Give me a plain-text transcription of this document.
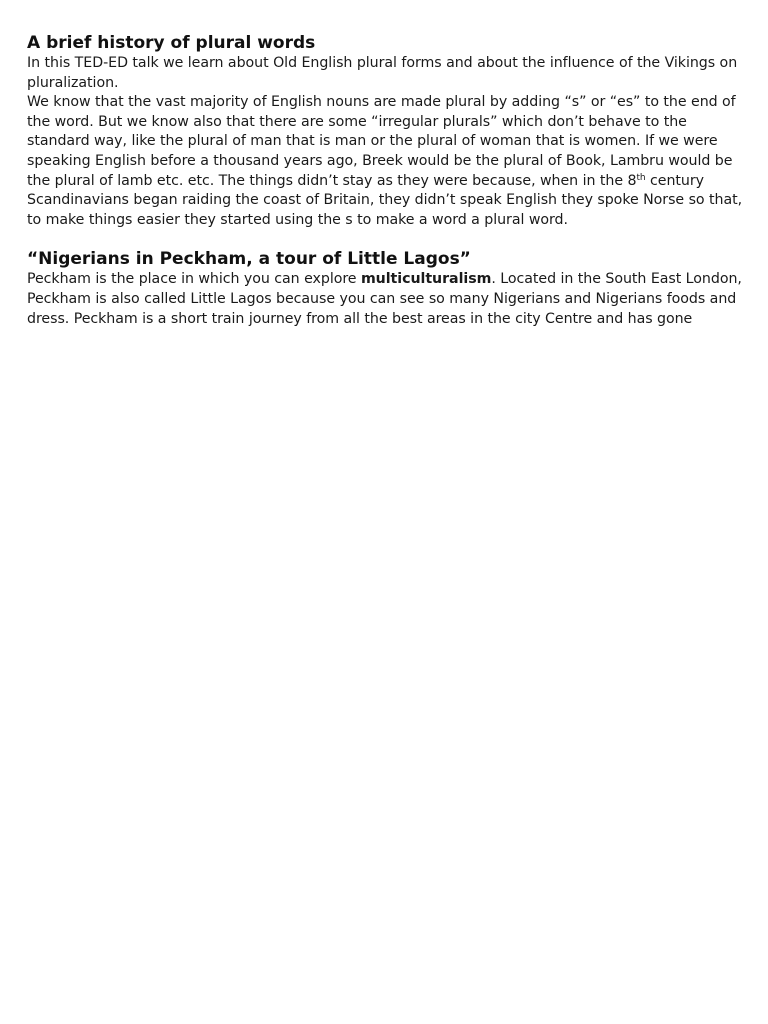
A brief history of plural words

In this TED-ED talk we learn about Old English plural forms and about the influence of the Vikings on pluralization.

We know that the vast majority of English nouns are made plural by adding “s” or “es” to the end of the word. But we know also that there are some “irregular plurals” which don’t behave to the standard way, like the plural of man that is man or the plural of woman that is women. If we were speaking English before a thousand years ago, Breek would be the plural of Book, Lambru would be the plural of lamb etc. etc. The things didn’t stay as they were because, when in the 8th century Scandinavians began raiding the coast of Britain, they didn’t speak English they spoke Norse so that, to make things easier they started using the s to make a word a plural word.

“Nigerians in Peckham, a tour of Little Lagos”

Peckham is the place in which you can explore multiculturalism. Located in the South East London, Peckham is also called Little Lagos because you can see so many Nigerians and Nigerians foods and dress. Peckham is a short train journey from all the best areas in the city Centre and has gone
